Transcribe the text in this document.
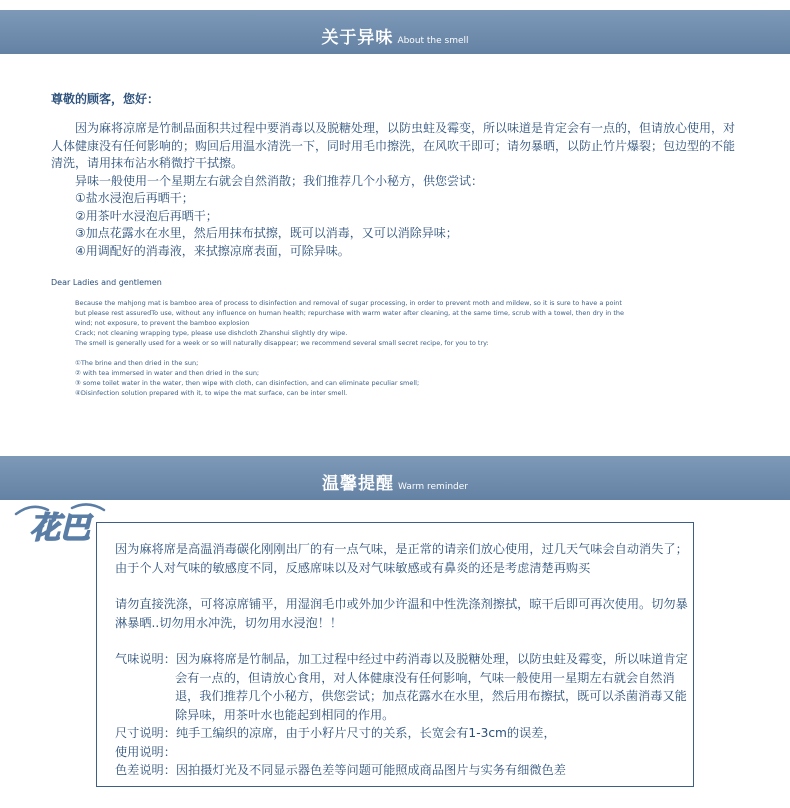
关于异味 About the smell
尊敬的顾客，您好：

因为麻将凉席是竹制品面积共过程中要消毒以及脱糖处理，以防虫蛀及霉变，所以味道是肯定会有一点的，但请放心使用，对人体健康没有任何影响的；购回后用温水清洗一下，同时用毛巾擦洗，在风吹干即可；请勿暴晒，以防止竹片爆裂；包边型的不能清洗，请用抹布沾水稍微拧干拭擦。

异味一般使用一个星期左右就会自然消散；我们推荐几个小秘方，供您尝试：

①盐水浸泡后再晒干；

②用茶叶水浸泡后再晒干；

③加点花露水在水里，然后用抹布拭擦，既可以消毒，又可以消除异味；

④用调配好的消毒液，来拭擦凉席表面，可除异味。

Dear Ladies and gentlemen

Because the mahjong mat is bamboo area of process to disinfection and removal of sugar processing, in order to prevent moth and mildew, so it is sure to have a point

but please rest assuredTo use, without any influence on human health; repurchase with warm water after cleaning, at the same time, scrub with a towel, then dry in the

wind; not exposure, to prevent the bamboo explosion

Crack; not cleaning wrapping type, please use dishcloth Zhanshui slightly dry wipe.

The smell is generally used for a week or so will naturally disappear; we recommend several small secret recipe, for you to try:

①The brine and then dried in the sun;

② with tea immersed in water and then dried in the sun;

③ some toilet water in the water, then wipe with cloth, can disinfection, and can eliminate peculiar smell;

④Disinfection solution prepared with it, to wipe the mat surface, can be inter smell.

温馨提醒 Warm reminder
花巴

因为麻将席是高温消毒碳化刚刚出厂的有一点气味，是正常的请亲们放心使用，过几天气味会自动消失了；由于个人对气味的敏感度不同，反感席味以及对气味敏感或有鼻炎的还是考虑清楚再购买

请勿直接洗涤，可将凉席铺平，用湿润毛巾或外加少许温和中性洗涤剂擦拭，晾干后即可再次使用。切勿暴淋暴晒..切勿用水冲洗，切勿用水浸泡！！

气味说明：因为麻将席是竹制品，加工过程中经过中药消毒以及脱糖处理，以防虫蛀及霉变，所以味道肯定会有一点的，但请放心食用，对人体健康没有任何影响，气味一般使用一星期左右就会自然消退，我们推荐几个小秘方，供您尝试；加点花露水在水里，然后用布擦拭，既可以杀菌消毒又能除异味，用茶叶水也能起到相同的作用。

尺寸说明：纯手工编织的凉席，由于小籽片尺寸的关系，长宽会有1-3cm的误差，

使用说明：

色差说明：因拍摄灯光及不同显示器色差等问题可能照成商品图片与实务有细微色差
